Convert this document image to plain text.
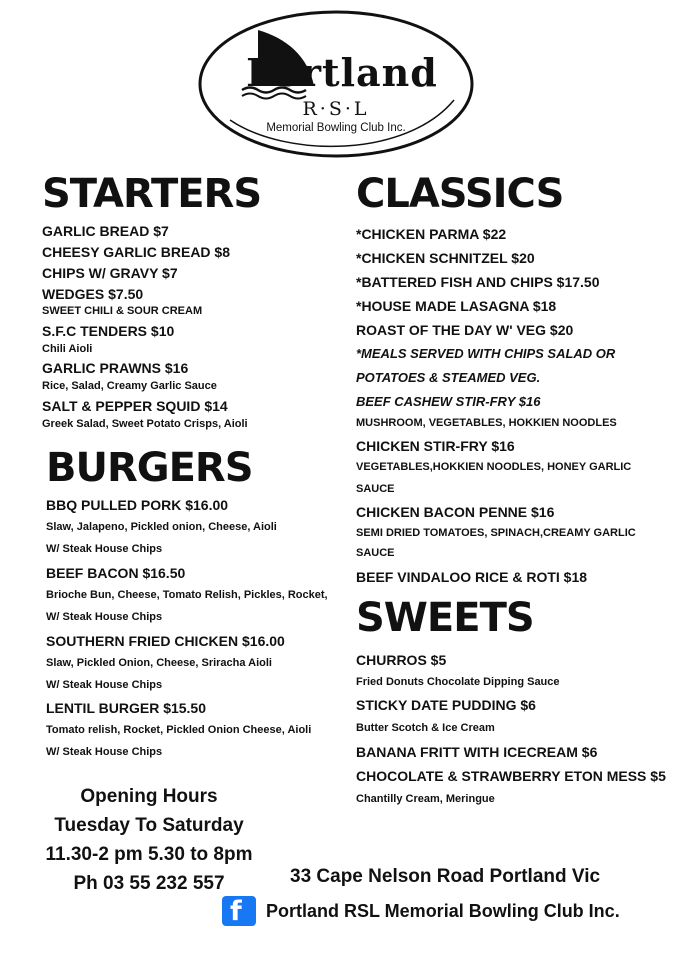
Portland
R·S·L
Memorial Bowling Club Inc.
STARTERS CLASSICS
BURGERS
SWEETS
GARLIC BREAD $7
CHEESY GARLIC BREAD $8
CHIPS W/ GRAVY $7
WEDGES $7.50
SWEET CHILI & SOUR CREAM
S.F.C TENDERS $10
Chili Aioli
GARLIC PRAWNS $16
Rice, Salad, Creamy Garlic Sauce
SALT & PEPPER SQUID $14
Greek Salad, Sweet Potato Crisps, Aioli
BBQ PULLED PORK $16.00
Slaw, Jalapeno, Pickled onion, Cheese, Aioli
W/ Steak House Chips
BEEF BACON $16.50
Brioche Bun, Cheese, Tomato Relish, Pickles, Rocket,
W/ Steak House Chips
SOUTHERN FRIED CHICKEN $16.00
Slaw, Pickled Onion, Cheese, Sriracha Aioli
W/ Steak House Chips
LENTIL BURGER $15.50
Tomato relish, Rocket, Pickled Onion Cheese, Aioli
W/ Steak House Chips
*CHICKEN PARMA $22
*CHICKEN SCHNITZEL $20
*BATTERED FISH AND CHIPS $17.50
*HOUSE MADE LASAGNA $18
ROAST OF THE DAY W' VEG $20
*MEALS SERVED WITH CHIPS SALAD OR
POTATOES & STEAMED VEG.
BEEF CASHEW STIR-FRY $16
MUSHROOM, VEGETABLES, HOKKIEN NOODLES
CHICKEN STIR-FRY $16
VEGETABLES,HOKKIEN NOODLES, HONEY GARLIC
SAUCE
CHICKEN BACON PENNE $16
SEMI DRIED TOMATOES, SPINACH,CREAMY GARLIC
SAUCE
BEEF VINDALOO RICE & ROTI $18
CHURROS $5
Fried Donuts Chocolate Dipping Sauce
STICKY DATE PUDDING $6
Butter Scotch & Ice Cream
BANANA FRITT WITH ICECREAM $6
CHOCOLATE & STRAWBERRY ETON MESS $5
Chantilly Cream, Meringue
Opening Hours
Tuesday To Saturday
11.30-2 pm 5.30 to 8pm
Ph 03 55 232 557	33 Cape Nelson Road Portland Vic
f Portland RSL Memorial Bowling Club Inc.
